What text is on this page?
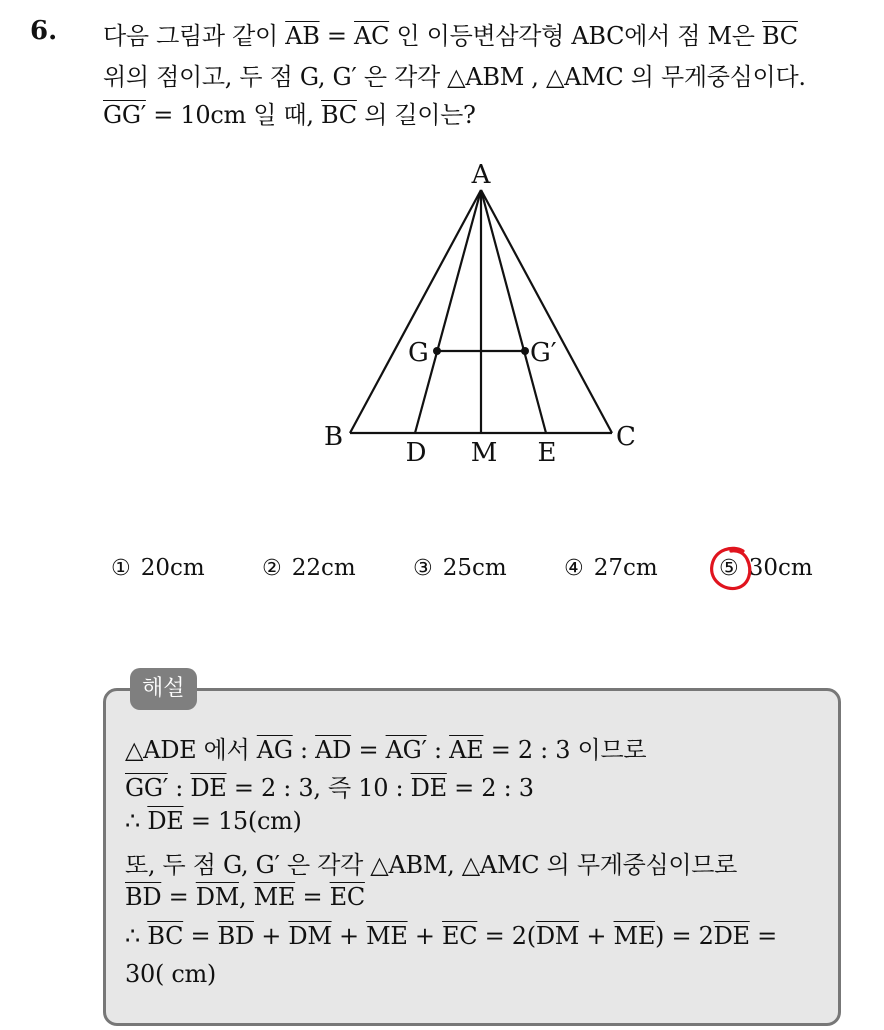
6. 다음 그림과 같이 $\overline{AB} = \overline{AC}$ 인 이등변삼각형 ABC에서 점 M은 $\overline{BC}$
위의 점이고, 두 점 G, G′ 은 각각 △ABM , △AMC 의 무게중심이다.
GG′ = 10cm 일 때, $\overline{BC}$ 의 길이는?
A
B	C
D M E
G	G′
① 20cm	② 22cm	③ 25cm	④ 27cm	⑤ 30cm
해설
△ADE 에서 $\overline{AG}$ : $\overline{AD} = AG'$ : $\overline{AE} = 2$ : 3 이므로
GG′ : $\overline{DE} = 2$ : 3, 즉 10 : $\overline{DE} = 2$ : 3
∴ $\overline{DE} = 15(cm)$
또, 두 점 G, G′ 은 각각 △ABM, △AMC 의 무게중심이므로
$\overline{BD} = \overline{DM}$, $\overline{ME} = \overline{EC}$
∴ $\overline{BC} = \overline{BD} + \overline{DM} + \overline{ME} + \overline{EC} = 2(\overline{DM} + \overline{ME}) = 2\overline{DE}$ =
30( cm)
